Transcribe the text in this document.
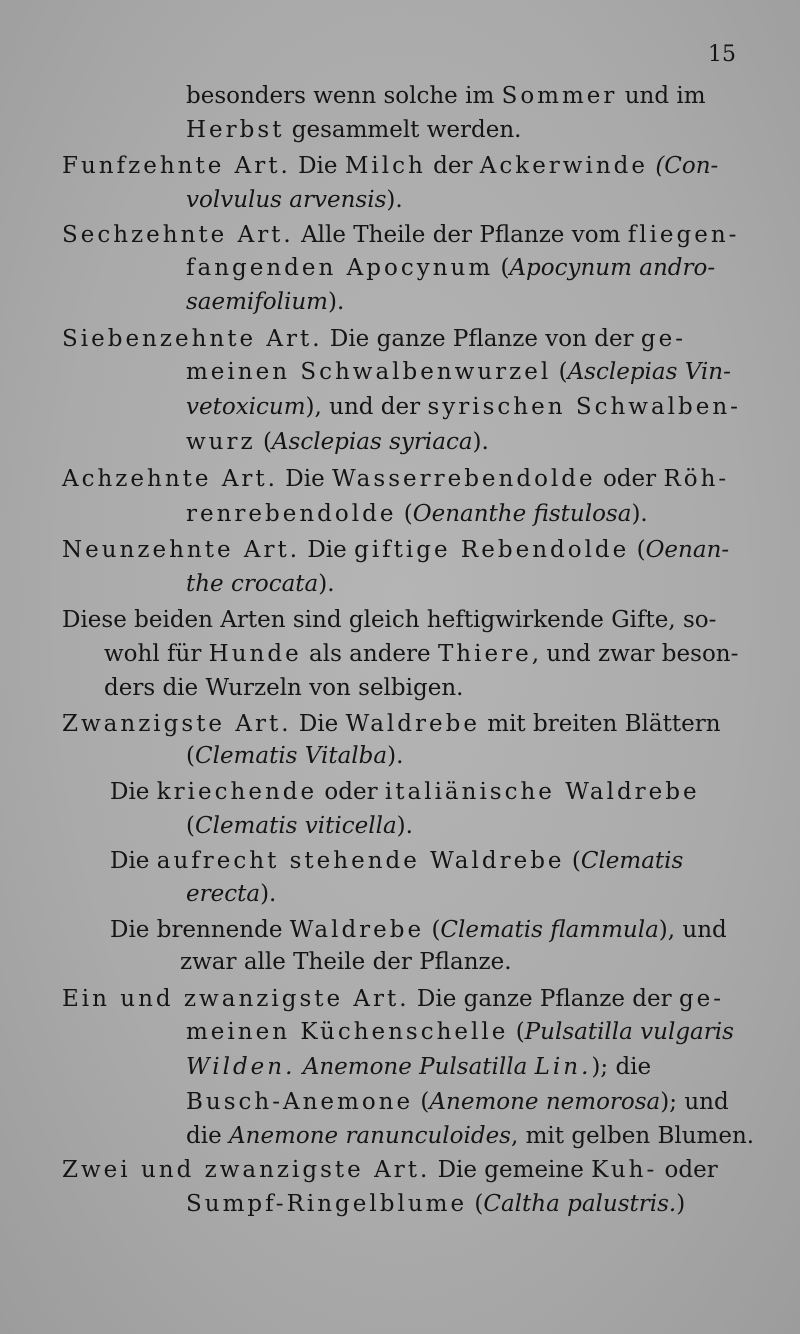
15
besonders wenn solche im Sommer und im
Herbst gesammelt werden.
Funfzehnte Art. Die Milch der Ackerwinde (Con-
volvulus arvensis).
Sechzehnte Art. Alle Theile der Pflanze vom fliegen-
fangenden Apocynum (Apocynum andro-
saemifolium).
Siebenzehnte Art. Die ganze Pflanze von der ge-
meinen Schwalbenwurzel (Asclepias Vin-
vetoxicum), und der syrischen Schwalben-
wurz (Asclepias syriaca).
Achzehnte Art. Die Wasserrebendolde oder Röh-
renrebendolde (Oenanthe fistulosa).
Neunzehnte Art. Die giftige Rebendolde (Oenan-
the crocata).
Diese beiden Arten sind gleich heftigwirkende Gifte, so-
wohl für Hunde als andere Thiere, und zwar beson-
ders die Wurzeln von selbigen.
Zwanzigste Art. Die Waldrebe mit breiten Blättern
(Clematis Vitalba).
Die kriechende oder italiänische Waldrebe
(Clematis viticella).
Die aufrecht stehende Waldrebe (Clematis
erecta).
Die brennende Waldrebe (Clematis flammula), und
zwar alle Theile der Pflanze.
Ein und zwanzigste Art. Die ganze Pflanze der ge-
meinen Küchenschelle (Pulsatilla vulgaris
Wilden. Anemone Pulsatilla Lin.); die
Busch-Anemone (Anemone nemorosa); und
die Anemone ranunculoides, mit gelben Blumen.
Zwei und zwanzigste Art. Die gemeine Kuh- oder
Sumpf-Ringelblume (Caltha palustris.)
